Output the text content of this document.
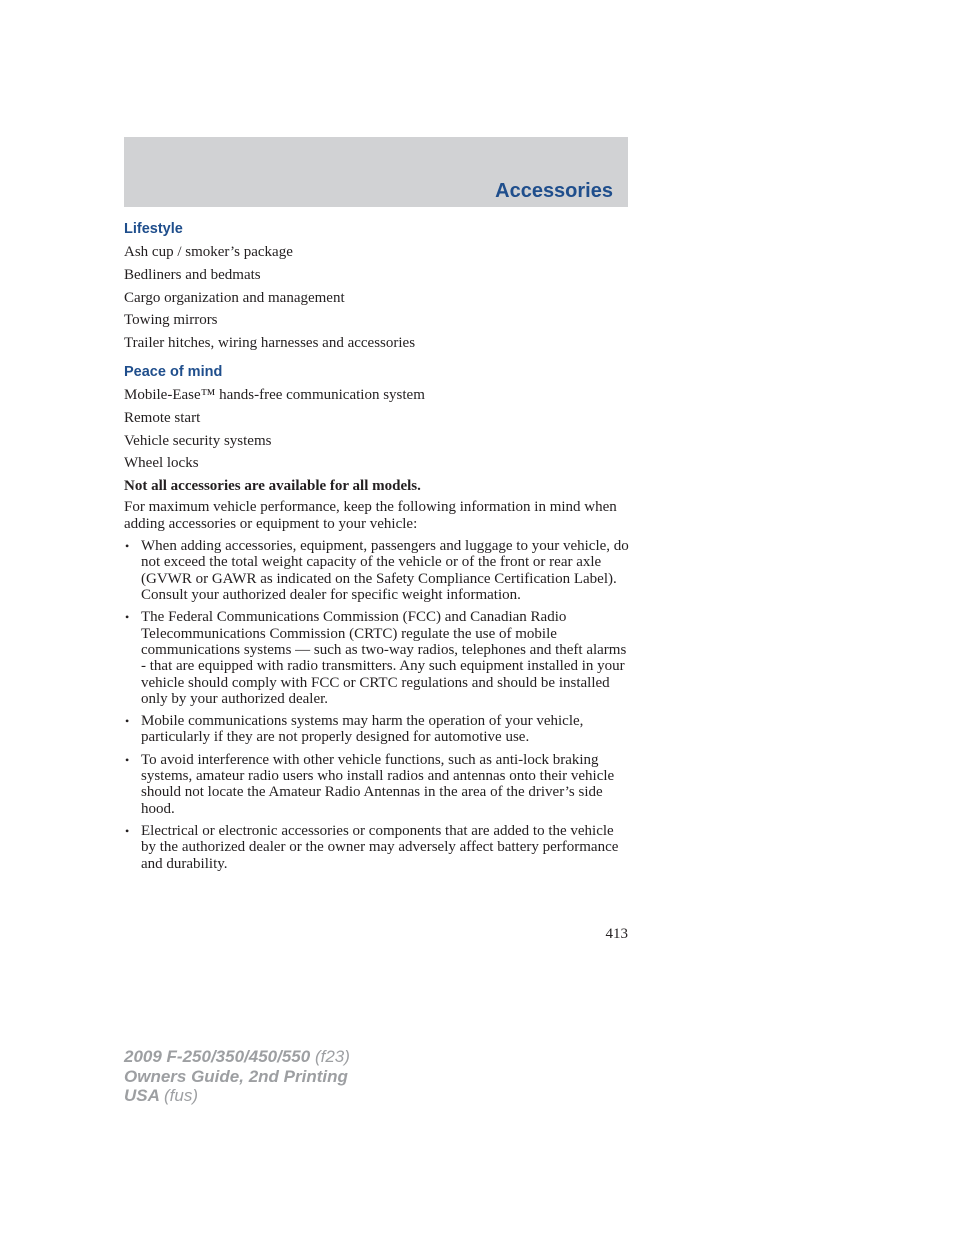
Accessories
Lifestyle
Ash cup / smoker’s package
Bedliners and bedmats
Cargo organization and management
Towing mirrors
Trailer hitches, wiring harnesses and accessories
Peace of mind
Mobile-Ease™ hands-free communication system
Remote start
Vehicle security systems
Wheel locks
Not all accessories are available for all models.
For maximum vehicle performance, keep the following information in mind when adding accessories or equipment to your vehicle:
• When adding accessories, equipment, passengers and luggage to your vehicle, do not exceed the total weight capacity of the vehicle or of the front or rear axle (GVWR or GAWR as indicated on the Safety Compliance Certification Label). Consult your authorized dealer for specific weight information.
• The Federal Communications Commission (FCC) and Canadian Radio Telecommunications Commission (CRTC) regulate the use of mobile communications systems — such as two-way radios, telephones and theft alarms - that are equipped with radio transmitters. Any such equipment installed in your vehicle should comply with FCC or CRTC regulations and should be installed only by your authorized dealer.
• Mobile communications systems may harm the operation of your vehicle, particularly if they are not properly designed for automotive use.
• To avoid interference with other vehicle functions, such as anti-lock braking systems, amateur radio users who install radios and antennas onto their vehicle should not locate the Amateur Radio Antennas in the area of the driver’s side hood.
• Electrical or electronic accessories or components that are added to the vehicle by the authorized dealer or the owner may adversely affect battery performance and durability.
413
2009 F-250/350/450/550 (f23)
Owners Guide, 2nd Printing
USA (fus)
